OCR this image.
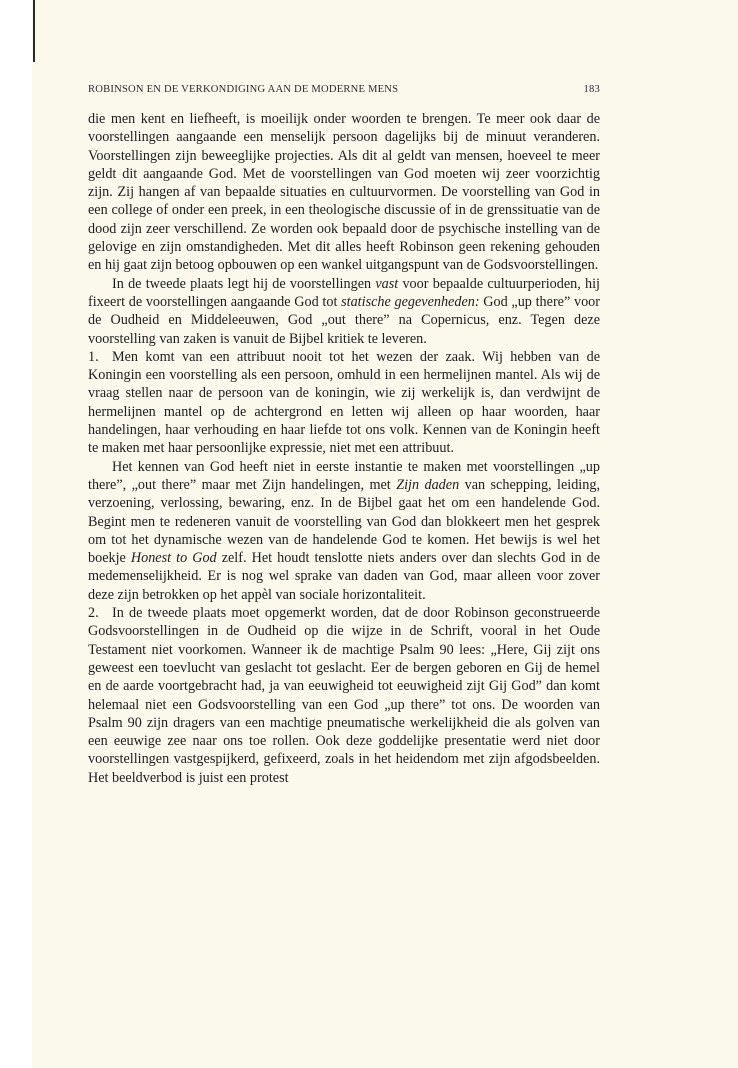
ROBINSON EN DE VERKONDIGING AAN DE MODERNE MENS	183

die men kent en liefheeft, is moeilijk onder woorden te brengen. Te meer ook daar de voorstellingen aangaande een menselijk persoon dagelijks bij de minuut veranderen. Voorstellingen zijn beweeglijke projecties. Als dit al geldt van mensen, hoeveel te meer geldt dit aangaande God. Met de voorstellingen van God moeten wij zeer voorzichtig zijn. Zij hangen af van bepaalde situaties en cultuurvormen. De voorstelling van God in een college of onder een preek, in een theologische discussie of in de grenssituatie van de dood zijn zeer verschillend. Ze worden ook bepaald door de psychische instelling van de gelovige en zijn omstandigheden. Met dit alles heeft Robinson geen rekening gehouden en hij gaat zijn betoog opbouwen op een wankel uitgangspunt van de Godsvoorstellingen.

In de tweede plaats legt hij de voorstellingen vast voor bepaalde cultuurperioden, hij fixeert de voorstellingen aangaande God tot statische gegevenheden: God „up there” voor de Oudheid en Middeleeuwen, God „out there” na Copernicus, enz. Tegen deze voorstelling van zaken is vanuit de Bijbel kritiek te leveren.

1. Men komt van een attribuut nooit tot het wezen der zaak. Wij hebben van de Koningin een voorstelling als een persoon, omhuld in een hermelijnen mantel. Als wij de vraag stellen naar de persoon van de koningin, wie zij werkelijk is, dan verdwijnt de hermelijnen mantel op de achtergrond en letten wij alleen op haar woorden, haar handelingen, haar verhouding en haar liefde tot ons volk. Kennen van de Koningin heeft te maken met haar persoonlijke expressie, niet met een attribuut.

Het kennen van God heeft niet in eerste instantie te maken met voorstellingen „up there”, „out there” maar met Zijn handelingen, met Zijn daden van schepping, leiding, verzoening, verlossing, bewaring, enz. In de Bijbel gaat het om een handelende God. Begint men te redeneren vanuit de voorstelling van God dan blokkeert men het gesprek om tot het dynamische wezen van de handelende God te komen. Het bewijs is wel het boekje Honest to God zelf. Het houdt tenslotte niets anders over dan slechts God in de medemenselijkheid. Er is nog wel sprake van daden van God, maar alleen voor zover deze zijn betrokken op het appèl van sociale horizontaliteit.

2. In de tweede plaats moet opgemerkt worden, dat de door Robinson geconstrueerde Godsvoorstellingen in de Oudheid op die wijze in de Schrift, vooral in het Oude Testament niet voorkomen. Wanneer ik de machtige Psalm 90 lees: „Here, Gij zijt ons geweest een toevlucht van geslacht tot geslacht. Eer de bergen geboren en Gij de hemel en de aarde voortgebracht had, ja van eeuwigheid tot eeuwigheid zijt Gij God” dan komt helemaal niet een Godsvoorstelling van een God „up there” tot ons. De woorden van Psalm 90 zijn dragers van een machtige pneumatische werkelijkheid die als golven van een eeuwige zee naar ons toe rollen. Ook deze goddelijke presentatie werd niet door voorstellingen vastgespijkerd, gefixeerd, zoals in het heidendom met zijn afgodsbeelden. Het beeldverbod is juist een protest
